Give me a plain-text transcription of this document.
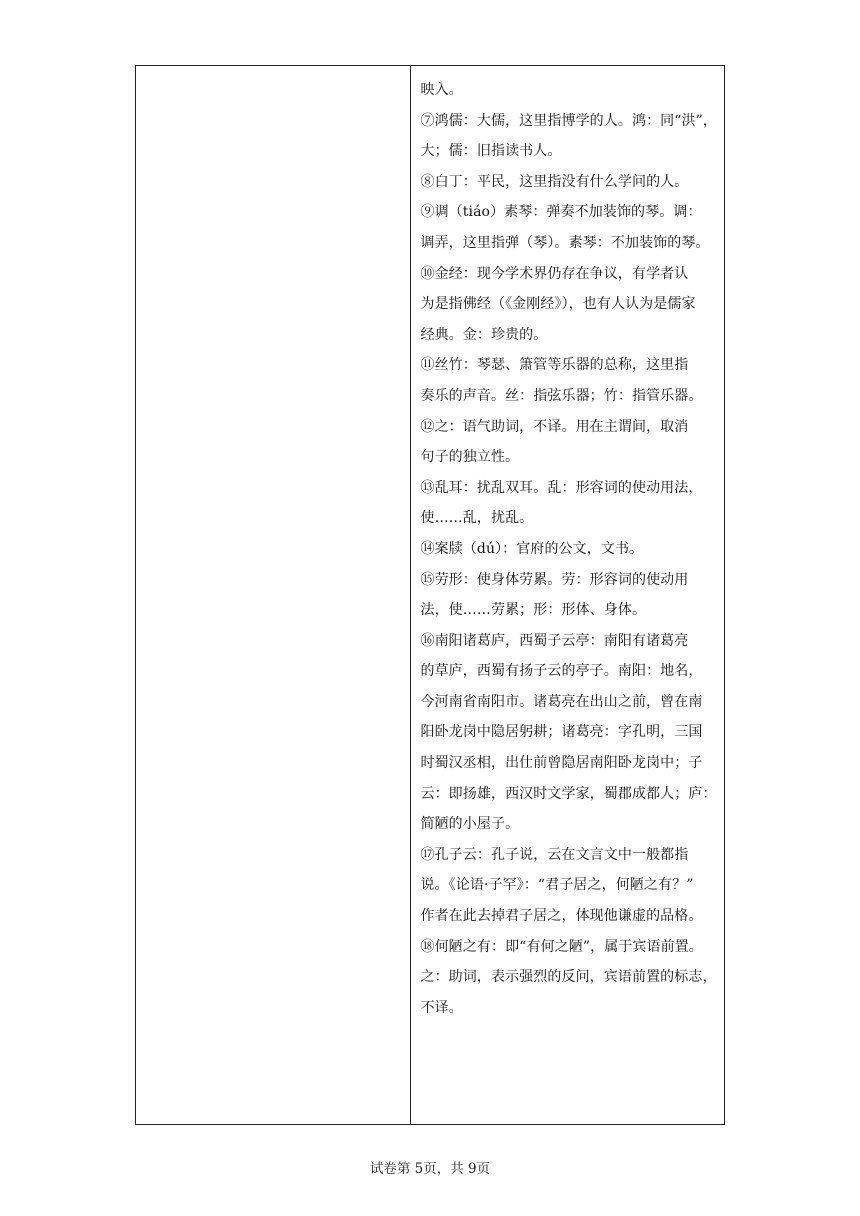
映入。
⑦鸿儒：大儒，这里指博学的人。鸿：同“洪”，
大；儒：旧指读书人。
⑧白丁：平民，这里指没有什么学问的人。
⑨调（tiáo）素琴：弹奏不加装饰的琴。调：
调弄，这里指弹（琴）。素琴：不加装饰的琴。
⑩金经：现今学术界仍存在争议，有学者认
为是指佛经（《金刚经》），也有人认为是儒家
经典。金：珍贵的。
⑪丝竹：琴瑟、箫管等乐器的总称，这里指
奏乐的声音。丝：指弦乐器；竹：指管乐器。
⑫之：语气助词，不译。用在主谓间，取消
句子的独立性。
⑬乱耳：扰乱双耳。乱：形容词的使动用法，
使……乱，扰乱。
⑭案牍（dú）：官府的公文，文书。
⑮劳形：使身体劳累。劳：形容词的使动用
法，使……劳累；形：形体、身体。
⑯南阳诸葛庐，西蜀子云亭：南阳有诸葛亮
的草庐，西蜀有扬子云的亭子。南阳：地名，
今河南省南阳市。诸葛亮在出山之前，曾在南
阳卧龙岗中隐居躬耕；诸葛亮：字孔明，三国
时蜀汉丞相，出仕前曾隐居南阳卧龙岗中；子
云：即扬雄，西汉时文学家，蜀郡成都人；庐：
简陋的小屋子。
⑰孔子云：孔子说，云在文言文中一般都指
说。《论语·子罕》：“君子居之，何陋之有？”
作者在此去掉君子居之，体现他谦虚的品格。
⑱何陋之有：即“有何之陋”，属于宾语前置。
之：助词，表示强烈的反问，宾语前置的标志，
不译。
试卷第 5页，共 9页
